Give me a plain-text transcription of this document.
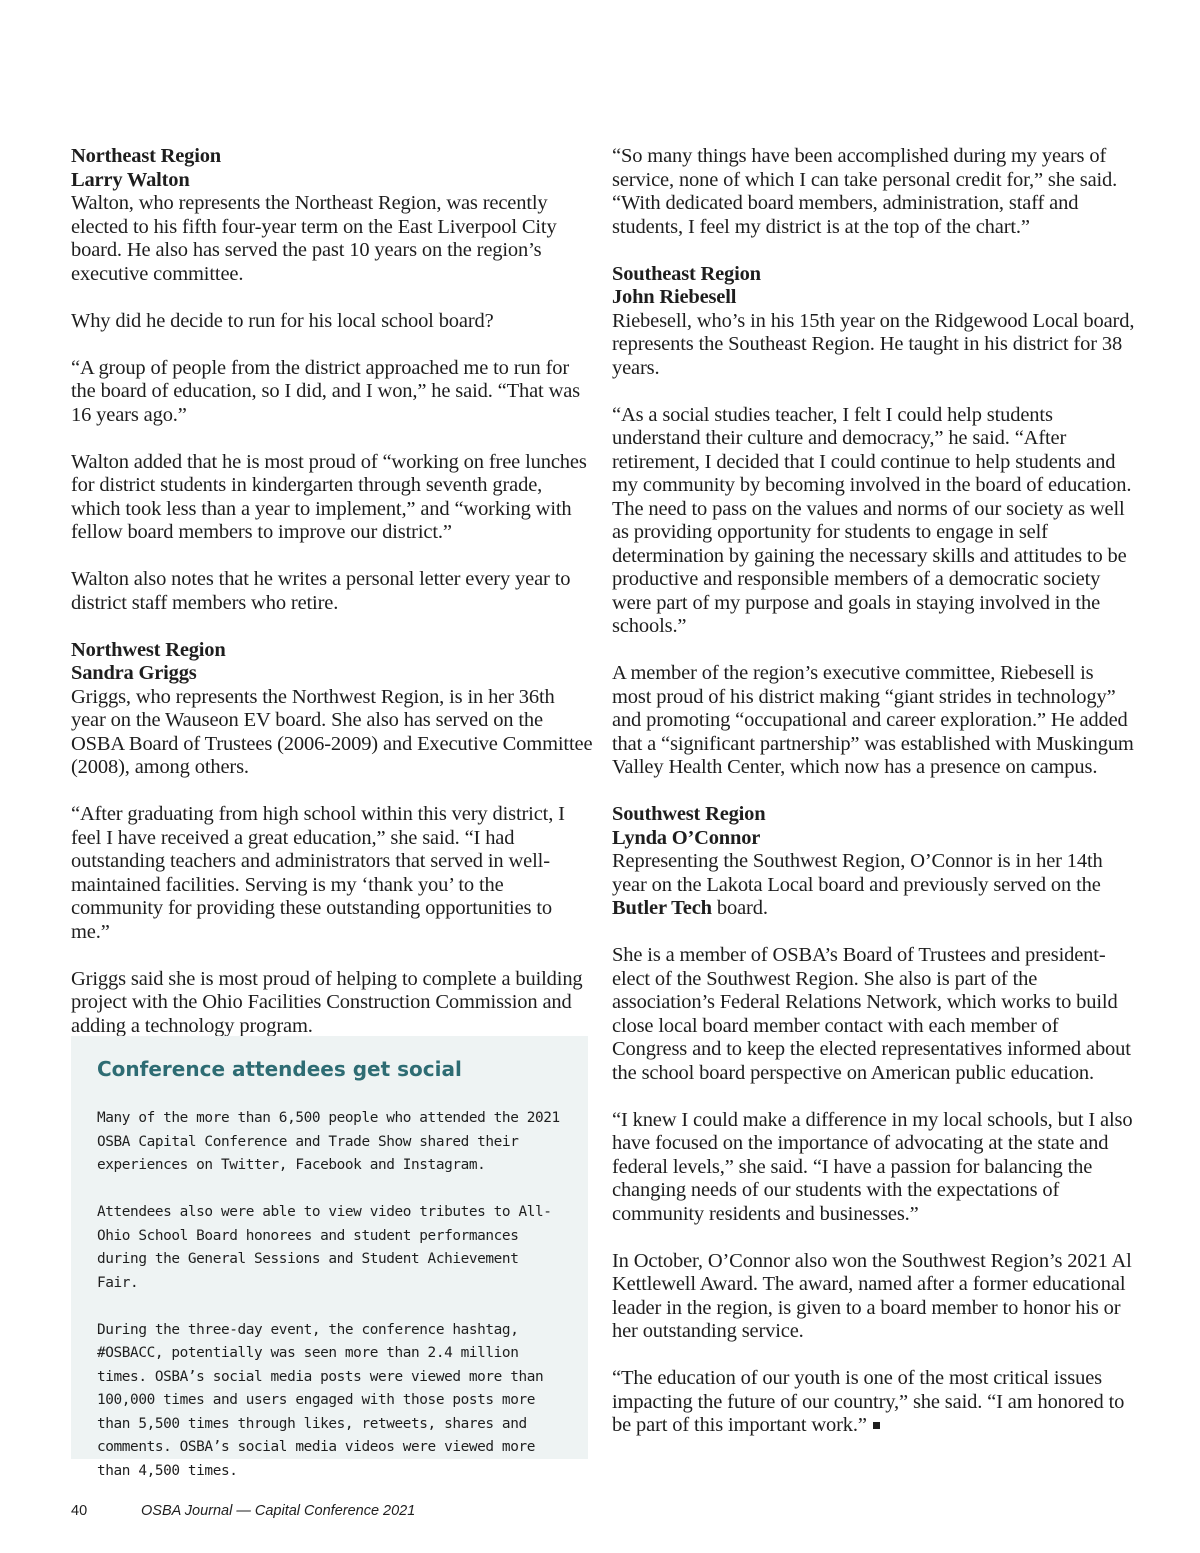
Northeast Region

Larry Walton

Walton, who represents the Northeast Region, was recently elected to his fifth four-year term on the East Liverpool City board. He also has served the past 10 years on the region’s executive committee.

Why did he decide to run for his local school board?

“A group of people from the district approached me to run for the board of education, so I did, and I won,” he said. “That was 16 years ago.”

Walton added that he is most proud of “working on free lunches for district students in kindergarten through seventh grade, which took less than a year to implement,” and “working with fellow board members to improve our district.”

Walton also notes that he writes a personal letter every year to district staff members who retire.

Northwest Region

Sandra Griggs

Griggs, who represents the Northwest Region, is in her 36th year on the Wauseon EV board. She also has served on the OSBA Board of Trustees (2006-2009) and Executive Committee (2008), among others.

“After graduating from high school within this very district, I feel I have received a great education,” she said. “I had outstanding teachers and administrators that served in well-maintained facilities. Serving is my ‘thank you’ to the community for providing these outstanding opportunities to me.”

Griggs said she is most proud of helping to complete a building project with the Ohio Facilities Construction Commission and adding a technology program.

Conference attendees get social

Many of the more than 6,500 people who attended the 2021 OSBA Capital Conference and Trade Show shared their experiences on Twitter, Facebook and Instagram.

Attendees also were able to view video tributes to All-Ohio School Board honorees and student performances during the General Sessions and Student Achievement Fair.

During the three-day event, the conference hashtag, #OSBACC, potentially was seen more than 2.4 million times. OSBA’s social media posts were viewed more than 100,000 times and users engaged with those posts more than 5,500 times through likes, retweets, shares and comments. OSBA’s social media videos were viewed more than 4,500 times.

“So many things have been accomplished during my years of service, none of which I can take personal credit for,” she said. “With dedicated board members, administration, staff and students, I feel my district is at the top of the chart.”

Southeast Region

John Riebesell

Riebesell, who’s in his 15th year on the Ridgewood Local board, represents the Southeast Region. He taught in his district for 38 years.

“As a social studies teacher, I felt I could help students understand their culture and democracy,” he said. “After retirement, I decided that I could continue to help students and my community by becoming involved in the board of education. The need to pass on the values and norms of our society as well as providing opportunity for students to engage in self determination by gaining the necessary skills and attitudes to be productive and responsible members of a democratic society were part of my purpose and goals in staying involved in the schools.”

A member of the region’s executive committee, Riebesell is most proud of his district making “giant strides in technology” and promoting “occupational and career exploration.” He added that a “significant partnership” was established with Muskingum Valley Health Center, which now has a presence on campus.

Southwest Region

Lynda O’Connor

Representing the Southwest Region, O’Connor is in her 14th year on the Lakota Local board and previously served on the Butler Tech board.

She is a member of OSBA’s Board of Trustees and president-elect of the Southwest Region. She also is part of the association’s Federal Relations Network, which works to build close local board member contact with each member of Congress and to keep the elected representatives informed about the school board perspective on American public education.

“I knew I could make a difference in my local schools, but I also have focused on the importance of advocating at the state and federal levels,” she said. “I have a passion for balancing the changing needs of our students with the expectations of community residents and businesses.”

In October, O’Connor also won the Southwest Region’s 2021 Al Kettlewell Award. The award, named after a former educational leader in the region, is given to a board member to honor his or her outstanding service.

“The education of our youth is one of the most critical issues impacting the future of our country,” she said. “I am honored to be part of this important work.”

40	OSBA Journal — Capital Conference 2021
